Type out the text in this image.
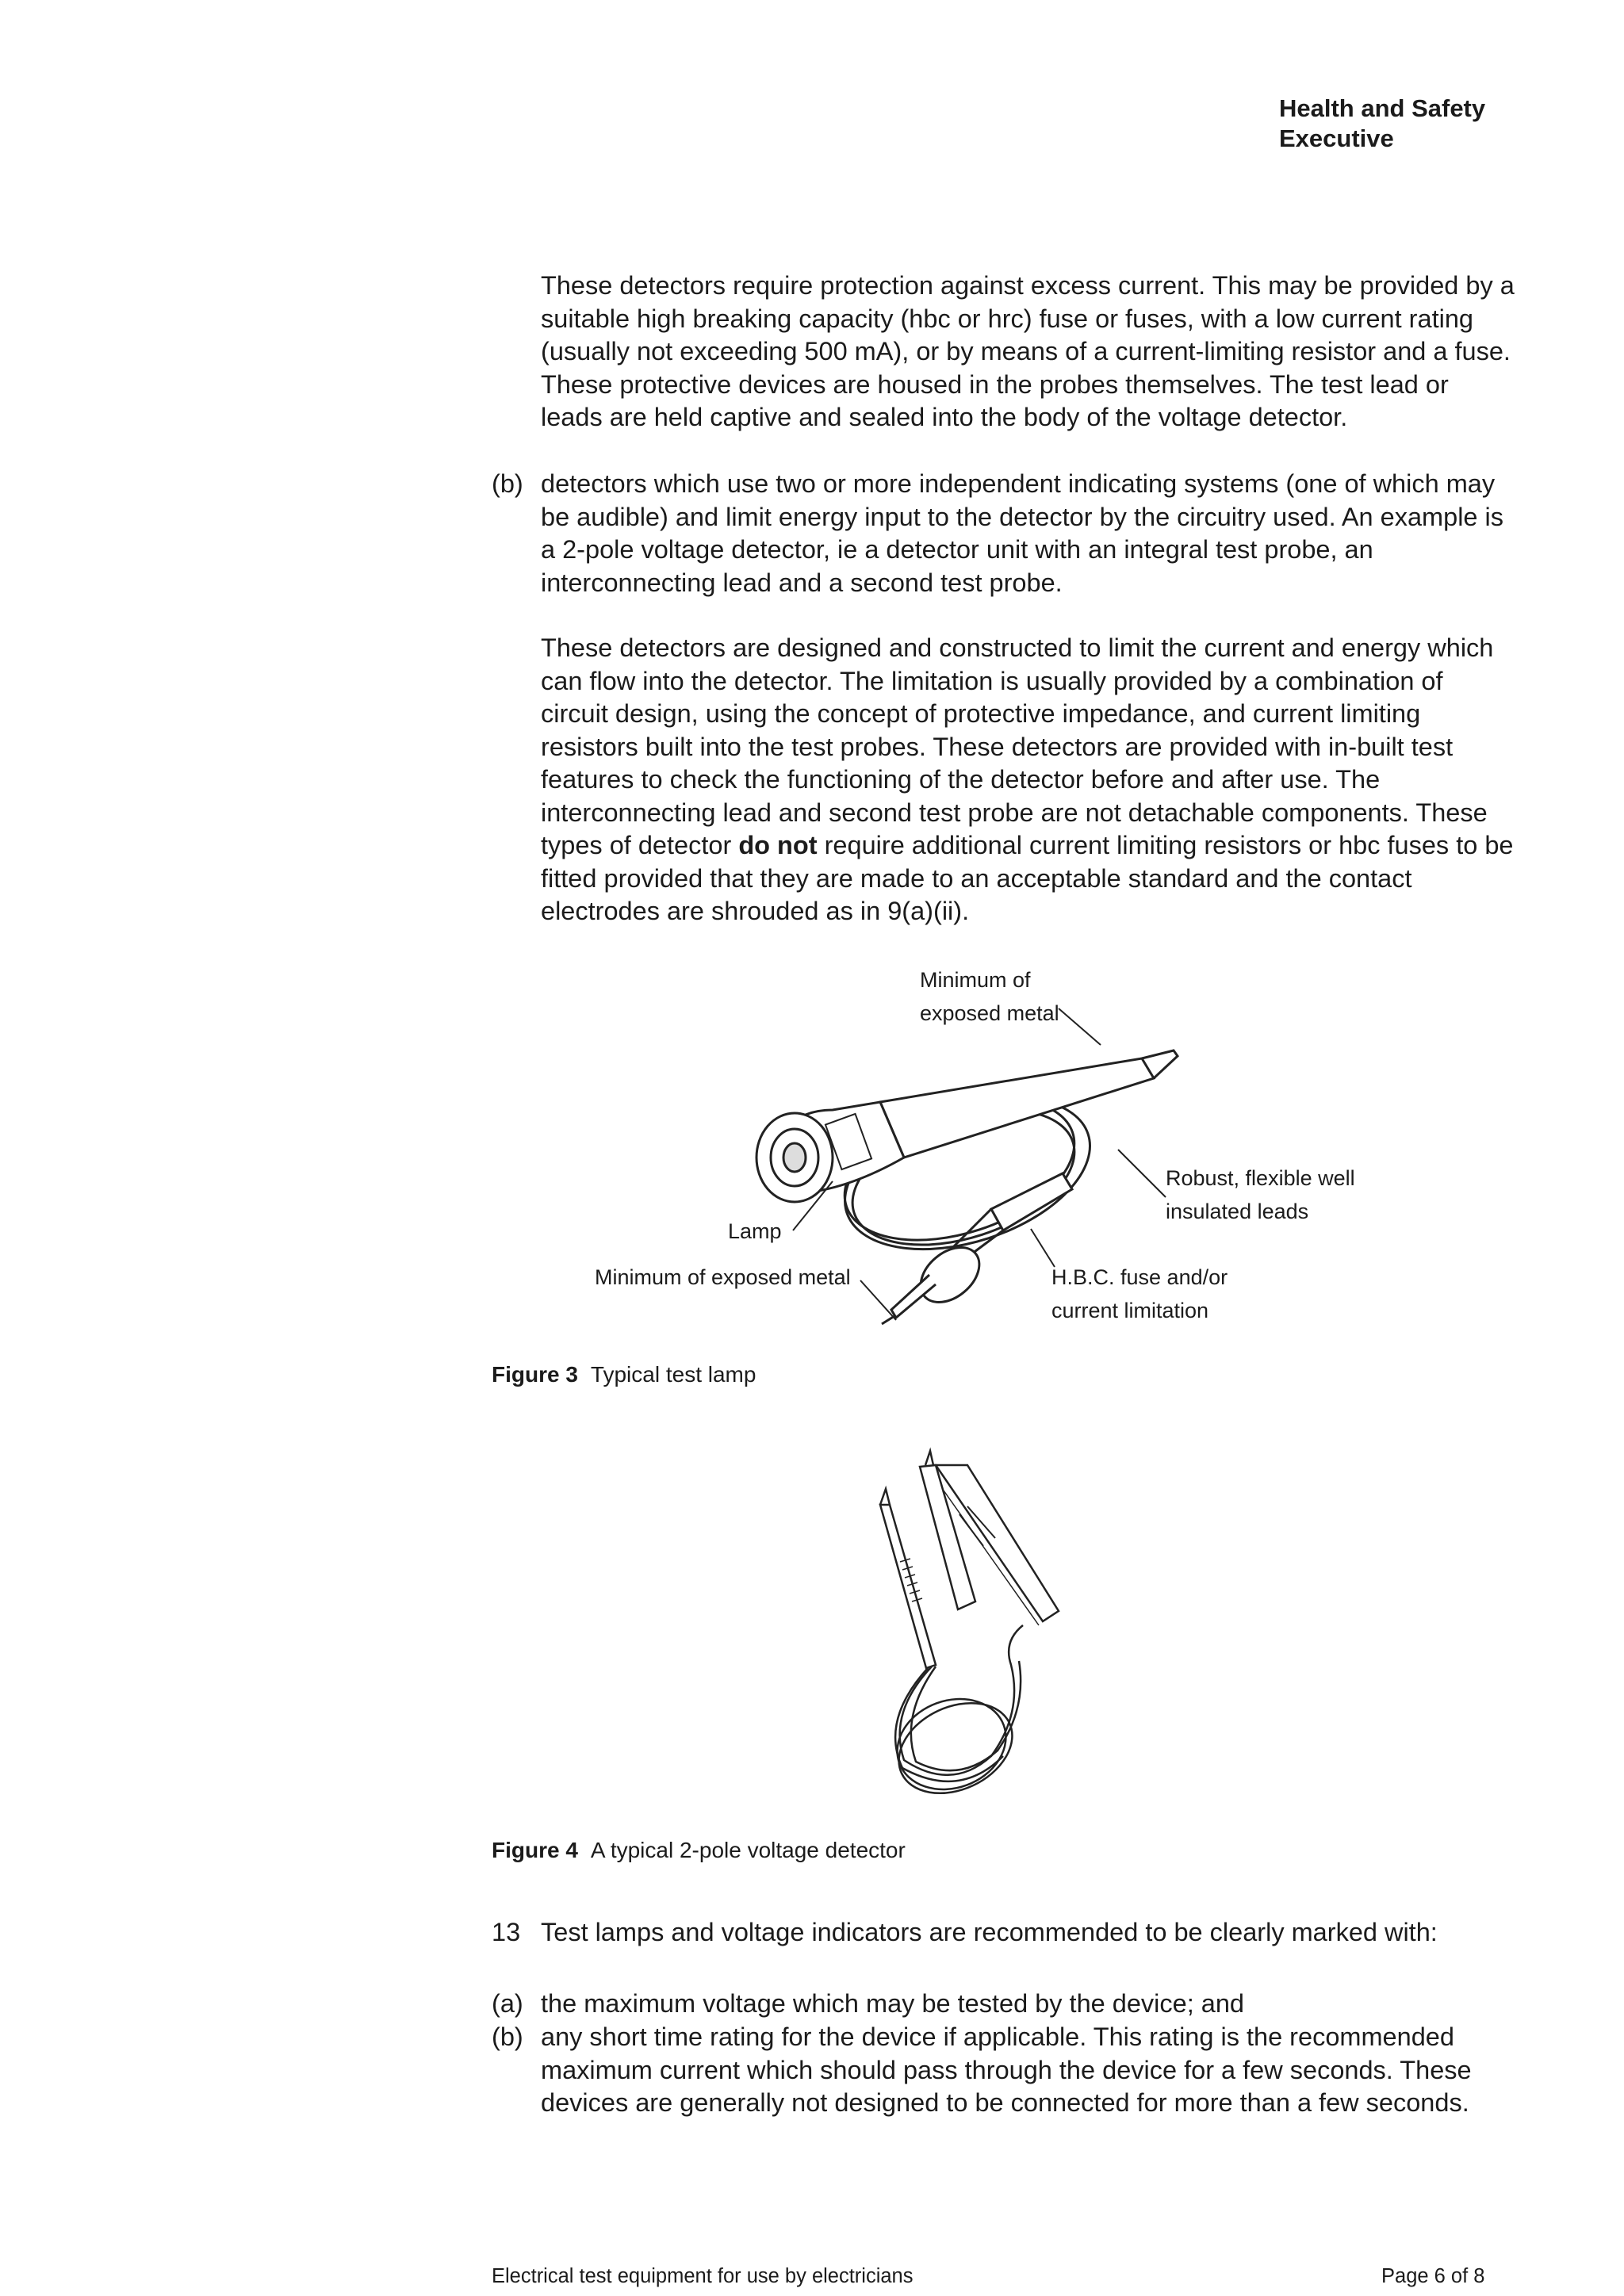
Health and Safety
Executive
These detectors require protection against excess current. This may be provided by a suitable high breaking capacity (hbc or hrc) fuse or fuses, with a low current rating (usually not exceeding 500 mA), or by means of a current-limiting resistor and a fuse. These protective devices are housed in the probes themselves. The test lead or leads are held captive and sealed into the body of the voltage detector.
(b) detectors which use two or more independent indicating systems (one of which may be audible) and limit energy input to the detector by the circuitry used. An example is a 2-pole voltage detector, ie a detector unit with an integral test probe, an interconnecting lead and a second test probe.
These detectors are designed and constructed to limit the current and energy which can flow into the detector. The limitation is usually provided by a combination of circuit design, using the concept of protective impedance, and current limiting resistors built into the test probes. These detectors are provided with in-built test features to check the functioning of the detector before and after use. The interconnecting lead and second test probe are not detachable components. These types of detector do not require additional current limiting resistors or hbc fuses to be fitted provided that they are made to an acceptable standard and the contact electrodes are shrouded as in 9(a)(ii).
Minimum of
exposed metal
Robust, flexible well
insulated leads
Lamp
Minimum of exposed metal	H.B.C. fuse and/or
current limitation
Figure 3 Typical test lamp
Figure 4 A typical 2-pole voltage detector
13 Test lamps and voltage indicators are recommended to be clearly marked with:
(a) the maximum voltage which may be tested by the device; and
(b) any short time rating for the device if applicable. This rating is the recommended maximum current which should pass through the device for a few seconds. These devices are generally not designed to be connected for more than a few seconds.
Electrical test equipment for use by electricians	Page 6 of 8
